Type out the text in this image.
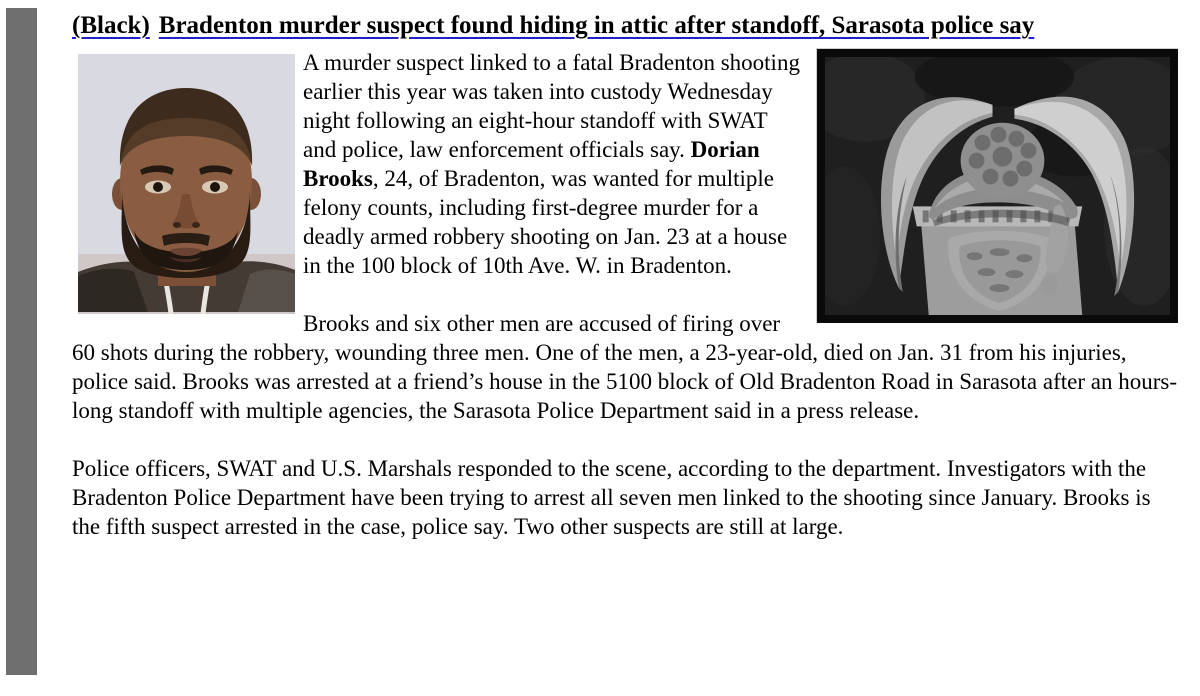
(Black) Bradenton murder suspect found hiding in attic after standoff, Sarasota police say

A murder suspect linked to a fatal Bradenton shooting earlier this year was taken into custody Wednesday night following an eight-hour standoff with SWAT and police, law enforcement officials say. Dorian Brooks, 24, of Bradenton, was wanted for multiple felony counts, including first-degree murder for a deadly armed robbery shooting on Jan. 23 at a house in the 100 block of 10th Ave. W. in Bradenton.

Brooks and six other men are accused of firing over 60 shots during the robbery, wounding three men. One of the men, a 23-year-old, died on Jan. 31 from his injuries, police said. Brooks was arrested at a friend’s house in the 5100 block of Old Bradenton Road in Sarasota after an hours-long standoff with multiple agencies, the Sarasota Police Department said in a press release.

Police officers, SWAT and U.S. Marshals responded to the scene, according to the department. Investigators with the Bradenton Police Department have been trying to arrest all seven men linked to the shooting since January. Brooks is the fifth suspect arrested in the case, police say. Two other suspects are still at large.
